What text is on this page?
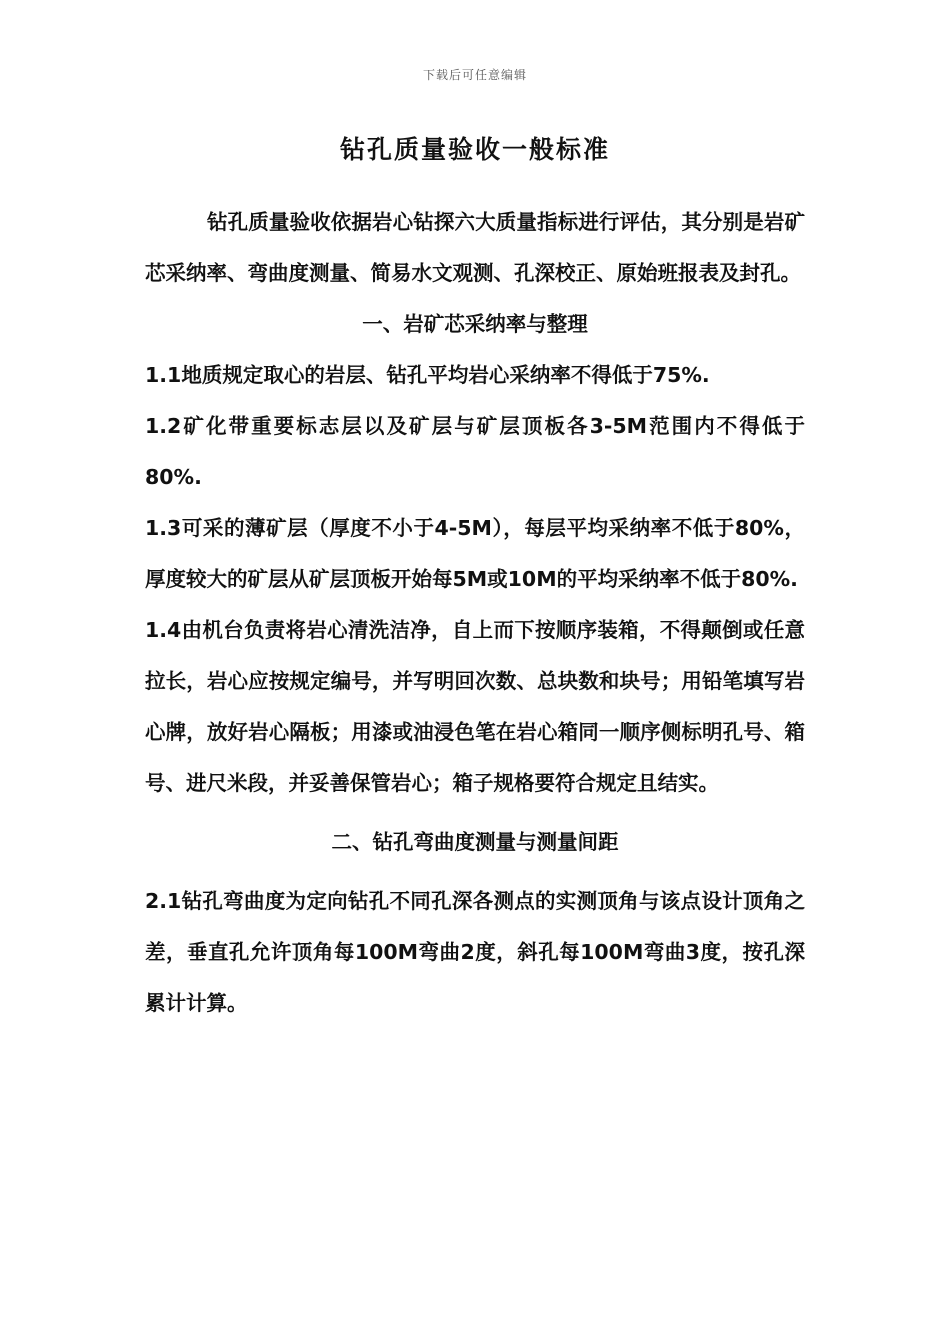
下载后可任意编辑
钻孔质量验收一般标准

钻孔质量验收依据岩心钻探六大质量指标进行评估，其分别是岩矿芯采纳率、弯曲度测量、简易水文观测、孔深校正、原始班报表及封孔。

一、岩矿芯采纳率与整理

1.1地质规定取心的岩层、钻孔平均岩心采纳率不得低于75%.

1.2矿化带重要标志层以及矿层与矿层顶板各3-5M范围内不得低于80%.

1.3可采的薄矿层（厚度不小于4-5M），每层平均采纳率不低于80%，厚度较大的矿层从矿层顶板开始每5M或10M的平均采纳率不低于80%.

1.4由机台负责将岩心清洗洁净，自上而下按顺序装箱，不得颠倒或任意拉长，岩心应按规定编号，并写明回次数、总块数和块号；用铅笔填写岩心牌，放好岩心隔板；用漆或油浸色笔在岩心箱同一顺序侧标明孔号、箱号、进尺米段，并妥善保管岩心；箱子规格要符合规定且结实。

二、钻孔弯曲度测量与测量间距

2.1钻孔弯曲度为定向钻孔不同孔深各测点的实测顶角与该点设计顶角之差，垂直孔允许顶角每100M弯曲2度，斜孔每100M弯曲3度，按孔深累计计算。
